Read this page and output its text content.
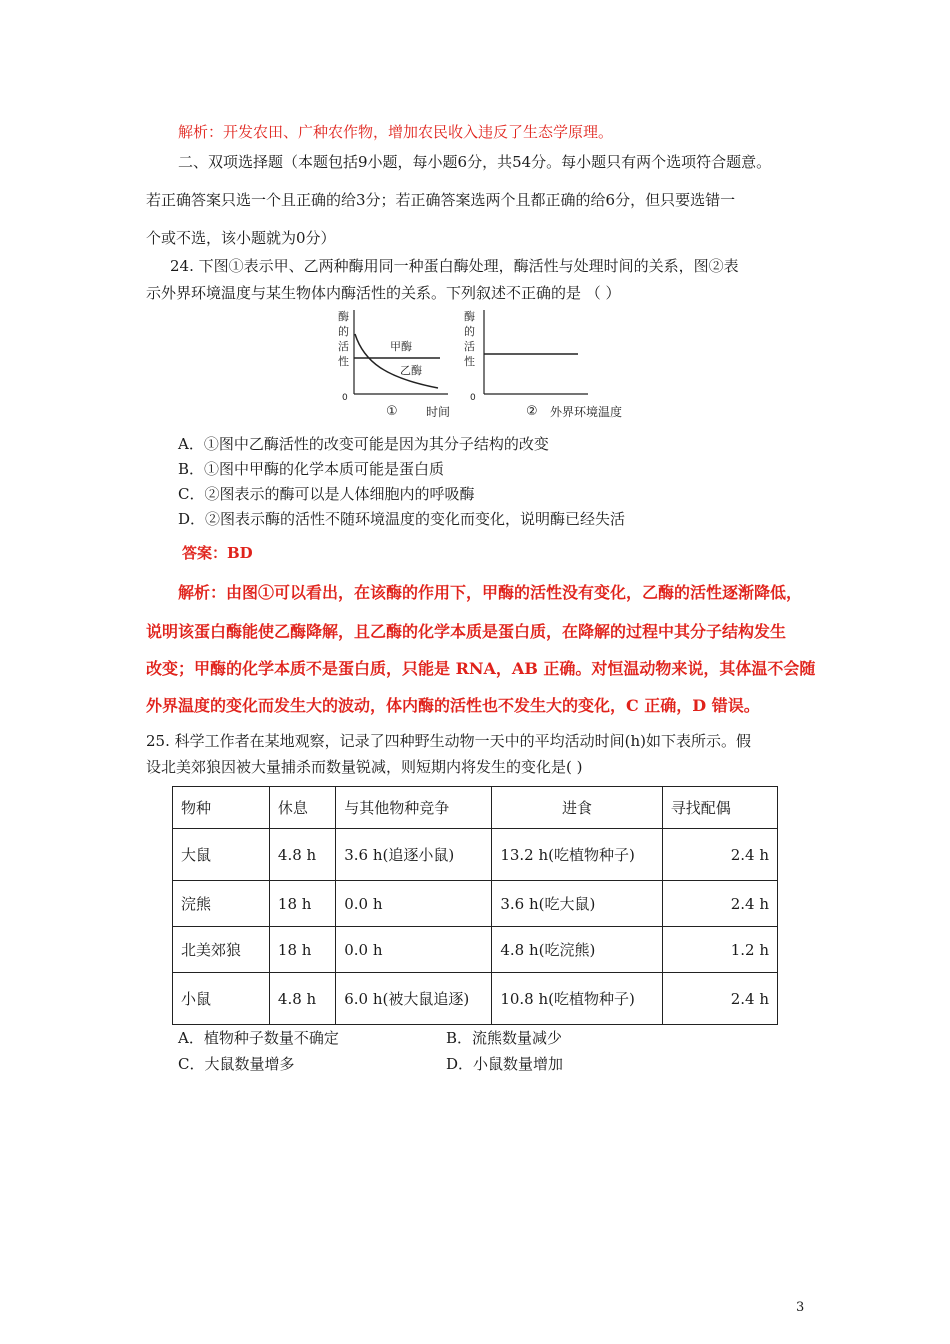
解析：开发农田、广种农作物，增加农民收入违反了生态学原理。
二、双项选择题（本题包括9小题，每小题6分，共54分。每小题只有两个选项符合题意。
若正确答案只选一个且正确的给3分；若正确答案选两个且都正确的给6分，但只要选错一
个或不选，该小题就为0分）
24. 下图①表示甲、乙两种酶用同一种蛋白酶处理，酶活性与处理时间的关系，图②表
示外界环境温度与某生物体内酶活性的关系。下列叙述不正确的是 （ ）
酶
的
活
性
0
甲酶
乙酶
① 时间
酶
的
活
性
0
② 外界环境温度
A．①图中乙酶活性的改变可能是因为其分子结构的改变
B．①图中甲酶的化学本质可能是蛋白质
C．②图表示的酶可以是人体细胞内的呼吸酶
D．②图表示酶的活性不随环境温度的变化而变化，说明酶已经失活
答案：BD
解析：由图①可以看出，在该酶的作用下，甲酶的活性没有变化，乙酶的活性逐渐降低，
说明该蛋白酶能使乙酶降解，且乙酶的化学本质是蛋白质，在降解的过程中其分子结构发生
改变；甲酶的化学本质不是蛋白质，只能是 RNA，AB 正确。对恒温动物来说，其体温不会随
外界温度的变化而发生大的波动，体内酶的活性也不发生大的变化，C 正确，D 错误。
25. 科学工作者在某地观察，记录了四种野生动物一天中的平均活动时间(h)如下表所示。假
设北美郊狼因被大量捕杀而数量锐减，则短期内将发生的变化是( )
物种	休息	与其他物种竞争	进食	寻找配偶
大鼠	4.8 h	3.6 h(追逐小鼠)	13.2 h(吃植物种子)	2.4 h
浣熊	18 h	0.0 h	3.6 h(吃大鼠)	2.4 h
北美郊狼	18 h	0.0 h	4.8 h(吃浣熊)	1.2 h
小鼠	4.8 h	6.0 h(被大鼠追逐)	10.8 h(吃植物种子)	2.4 h
A．植物种子数量不确定	B．流熊数量减少
C．大鼠数量增多	D．小鼠数量增加
3
